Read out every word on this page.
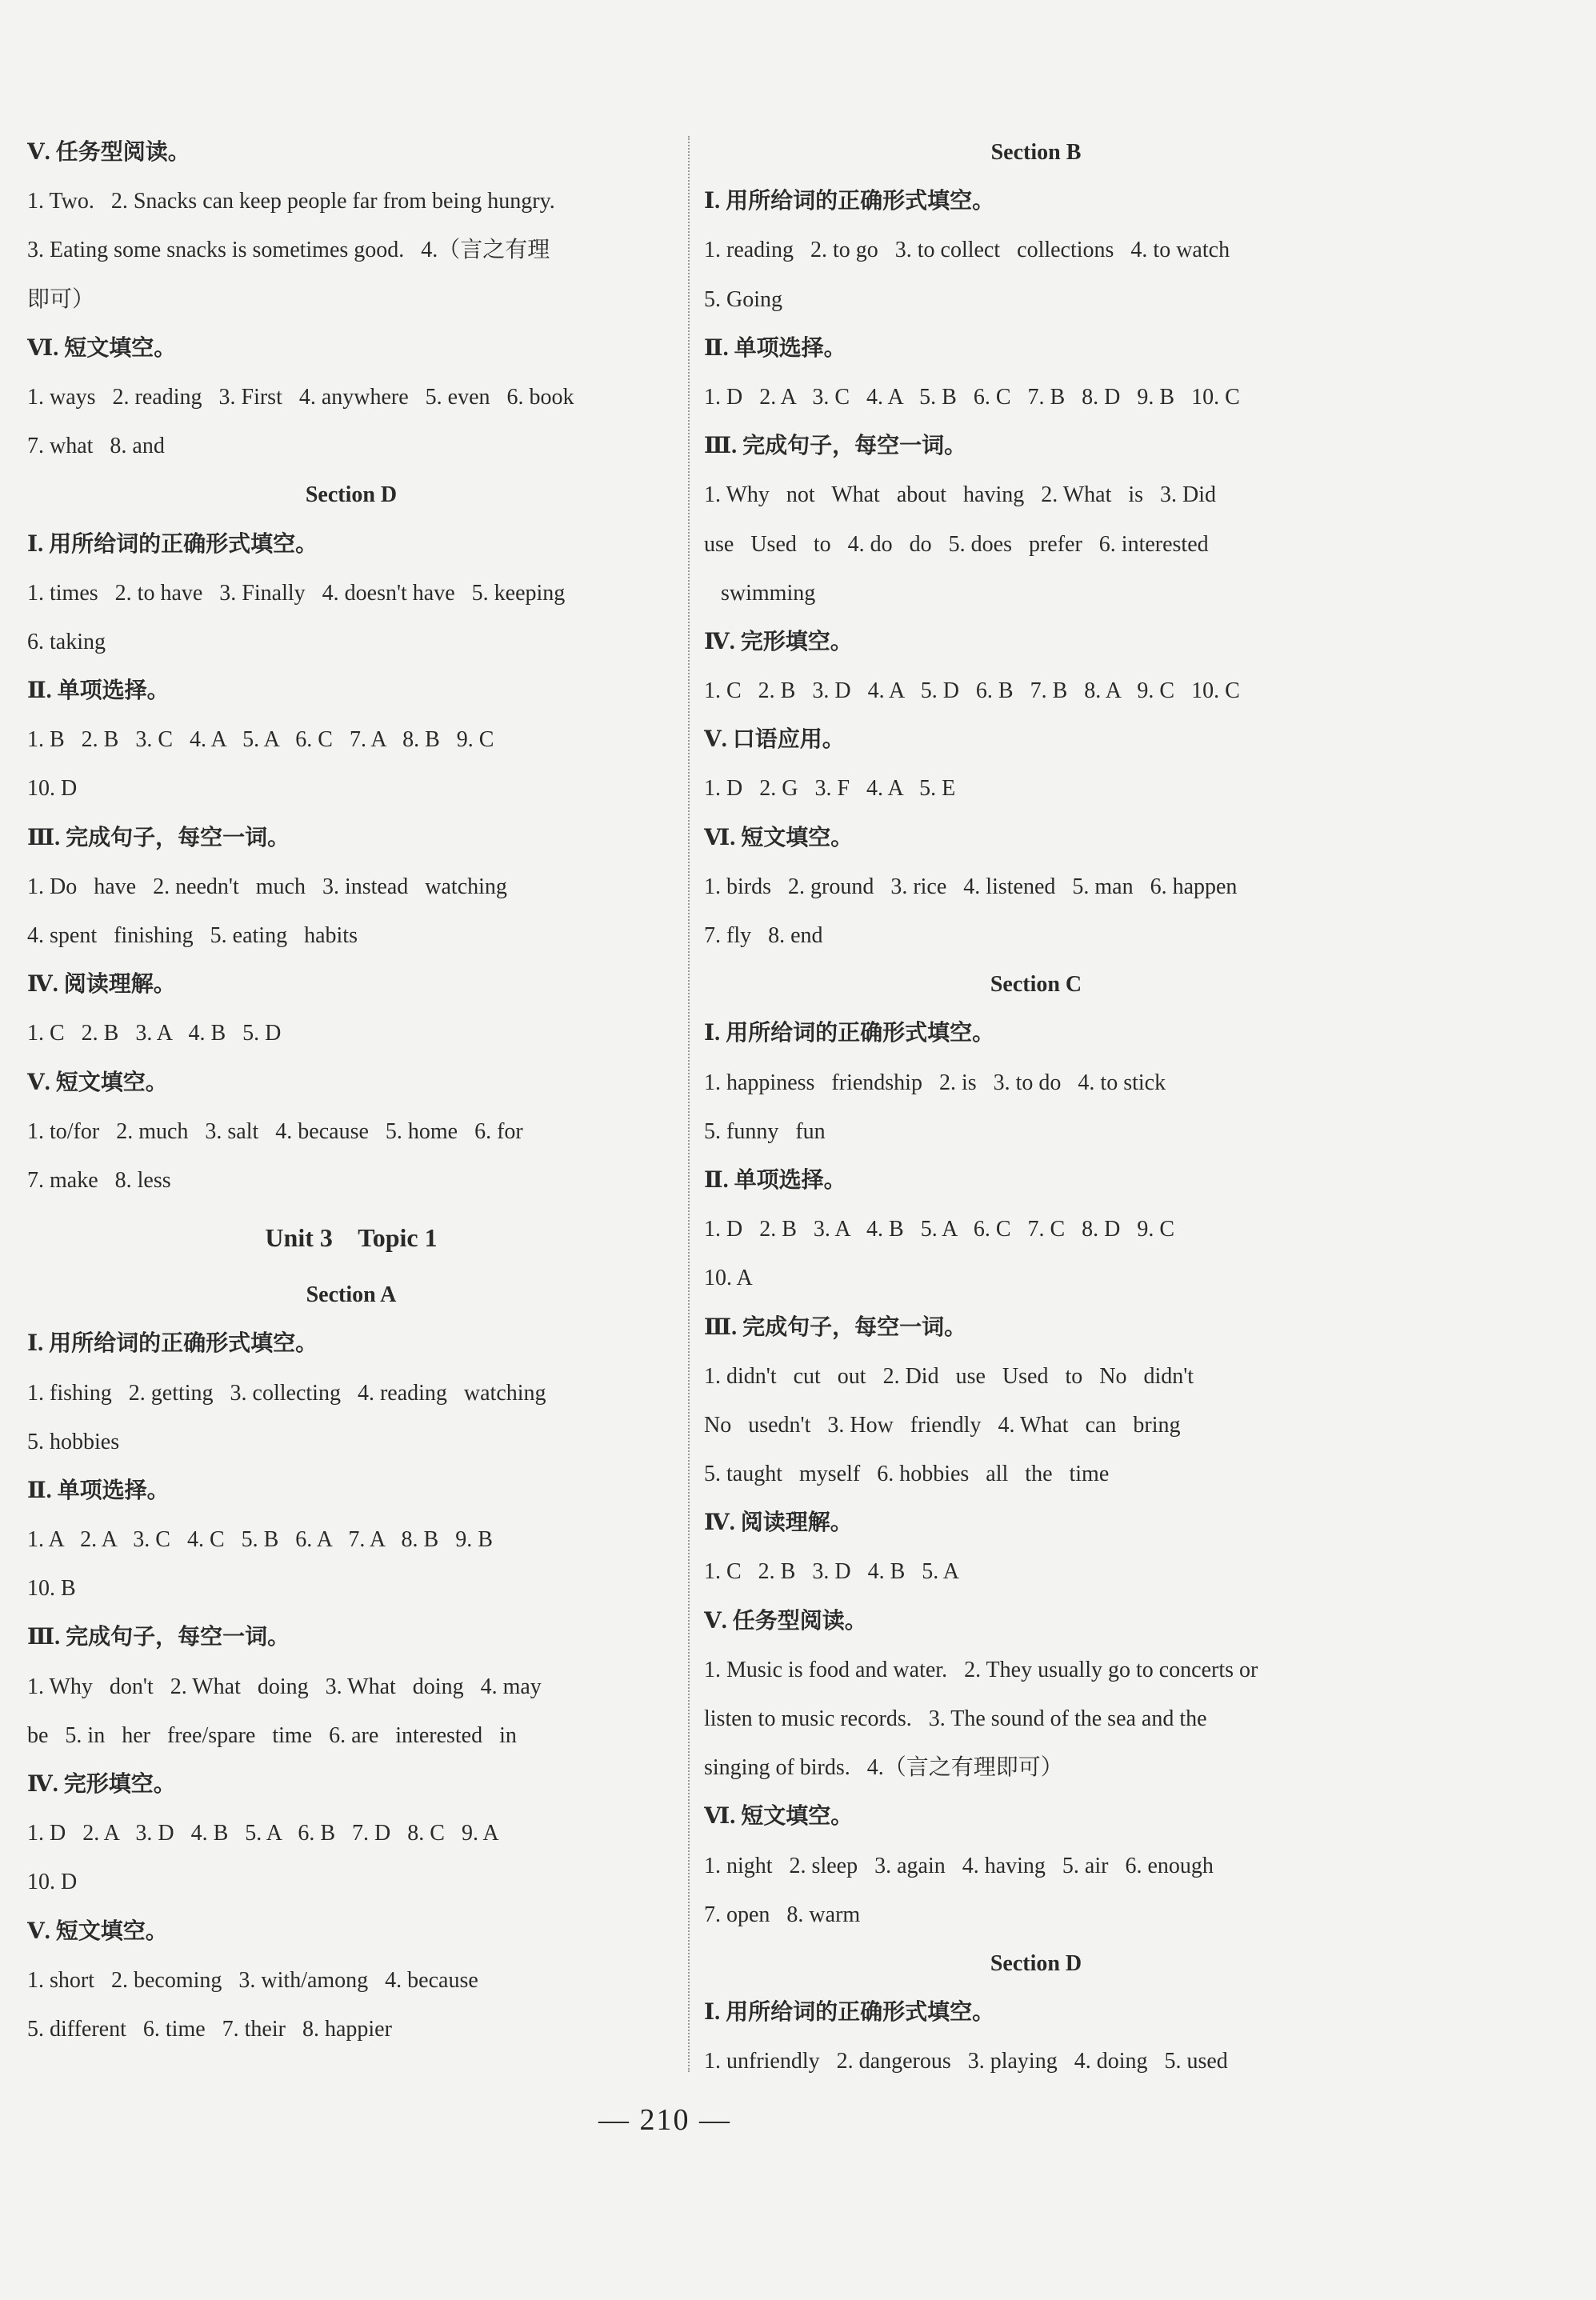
Ⅴ. 任务型阅读。
1. Two.   2. Snacks can keep people far from being hungry.
3. Eating some snacks is sometimes good.   4.（言之有理
即可）
Ⅵ. 短文填空。
1. ways   2. reading   3. First   4. anywhere   5. even   6. book
7. what   8. and
Section D
Ⅰ. 用所给词的正确形式填空。
1. times   2. to have   3. Finally   4. doesn't have   5. keeping
6. taking
Ⅱ. 单项选择。
1. B   2. B   3. C   4. A   5. A   6. C   7. A   8. B   9. C
10. D
Ⅲ. 完成句子，每空一词。
1. Do   have   2. needn't   much   3. instead   watching
4. spent   finishing   5. eating   habits
Ⅳ. 阅读理解。
1. C   2. B   3. A   4. B   5. D
Ⅴ. 短文填空。
1. to/for   2. much   3. salt   4. because   5. home   6. for
7. make   8. less
Unit 3    Topic 1
Section A
Ⅰ. 用所给词的正确形式填空。
1. fishing   2. getting   3. collecting   4. reading   watching
5. hobbies
Ⅱ. 单项选择。
1. A   2. A   3. C   4. C   5. B   6. A   7. A   8. B   9. B
10. B
Ⅲ. 完成句子，每空一词。
1. Why   don't   2. What   doing   3. What   doing   4. may
be   5. in   her   free/spare   time   6. are   interested   in
Ⅳ. 完形填空。
1. D   2. A   3. D   4. B   5. A   6. B   7. D   8. C   9. A
10. D
Ⅴ. 短文填空。
1. short   2. becoming   3. with/among   4. because
5. different   6. time   7. their   8. happier
Section B
Ⅰ. 用所给词的正确形式填空。
1. reading   2. to go   3. to collect   collections   4. to watch
5. Going
Ⅱ. 单项选择。
1. D   2. A   3. C   4. A   5. B   6. C   7. B   8. D   9. B   10. C
Ⅲ. 完成句子，每空一词。
1. Why   not   What   about   having   2. What   is   3. Did
use   Used   to   4. do   do   5. does   prefer   6. interested
swimming
Ⅳ. 完形填空。
1. C   2. B   3. D   4. A   5. D   6. B   7. B   8. A   9. C   10. C
Ⅴ. 口语应用。
1. D   2. G   3. F   4. A   5. E
Ⅵ. 短文填空。
1. birds   2. ground   3. rice   4. listened   5. man   6. happen
7. fly   8. end
Section C
Ⅰ. 用所给词的正确形式填空。
1. happiness   friendship   2. is   3. to do   4. to stick
5. funny   fun
Ⅱ. 单项选择。
1. D   2. B   3. A   4. B   5. A   6. C   7. C   8. D   9. C
10. A
Ⅲ. 完成句子，每空一词。
1. didn't   cut   out   2. Did   use   Used   to   No   didn't
No   usedn't   3. How   friendly   4. What   can   bring
5. taught   myself   6. hobbies   all   the   time
Ⅳ. 阅读理解。
1. C   2. B   3. D   4. B   5. A
Ⅴ. 任务型阅读。
1. Music is food and water.   2. They usually go to concerts or
listen to music records.   3. The sound of the sea and the
singing of birds.   4.（言之有理即可）
Ⅵ. 短文填空。
1. night   2. sleep   3. again   4. having   5. air   6. enough
7. open   8. warm
Section D
Ⅰ. 用所给词的正确形式填空。
1. unfriendly   2. dangerous   3. playing   4. doing   5. used
— 210 —
